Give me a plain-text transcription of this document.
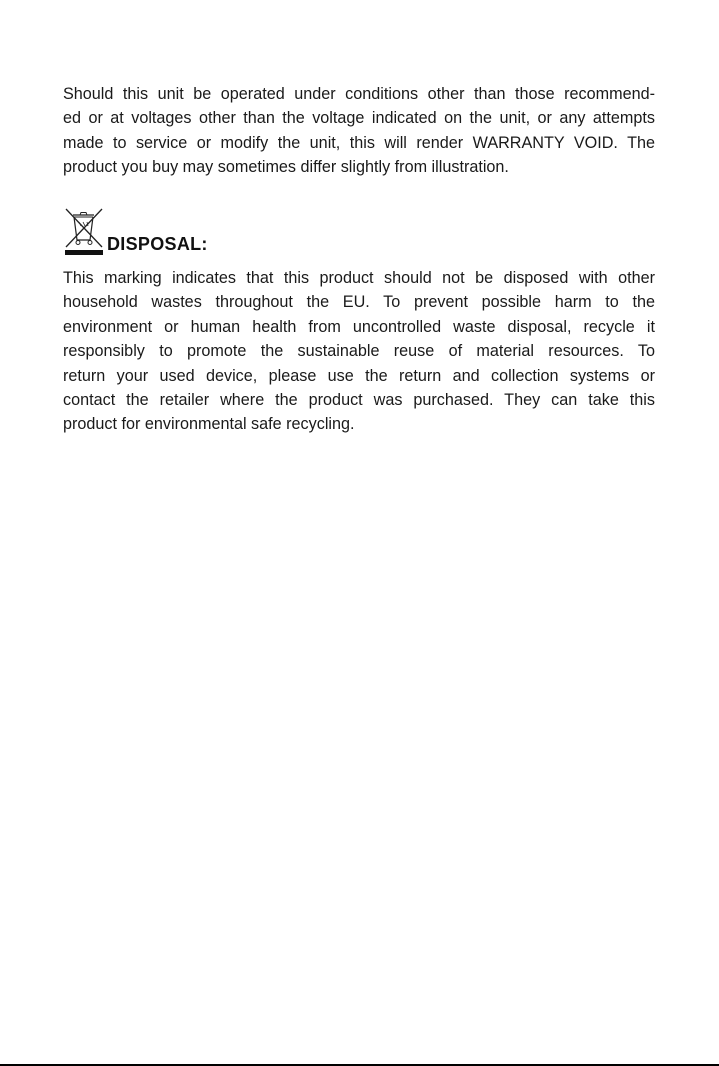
Should this unit be operated under conditions other than those recommend-
ed or at voltages other than the voltage indicated on the unit, or any attempts
made to service or modify the unit, this will render WARRANTY VOID. The
product you buy may sometimes differ slightly from illustration.

DISPOSAL:

This marking indicates that this product should not be disposed with other
household wastes throughout the EU. To prevent possible harm to the
environment or human health from uncontrolled waste disposal, recycle it
responsibly to promote the sustainable reuse of material resources. To
return your used device, please use the return and collection systems or
contact the retailer where the product was purchased. They can take this
product for environmental safe recycling.
